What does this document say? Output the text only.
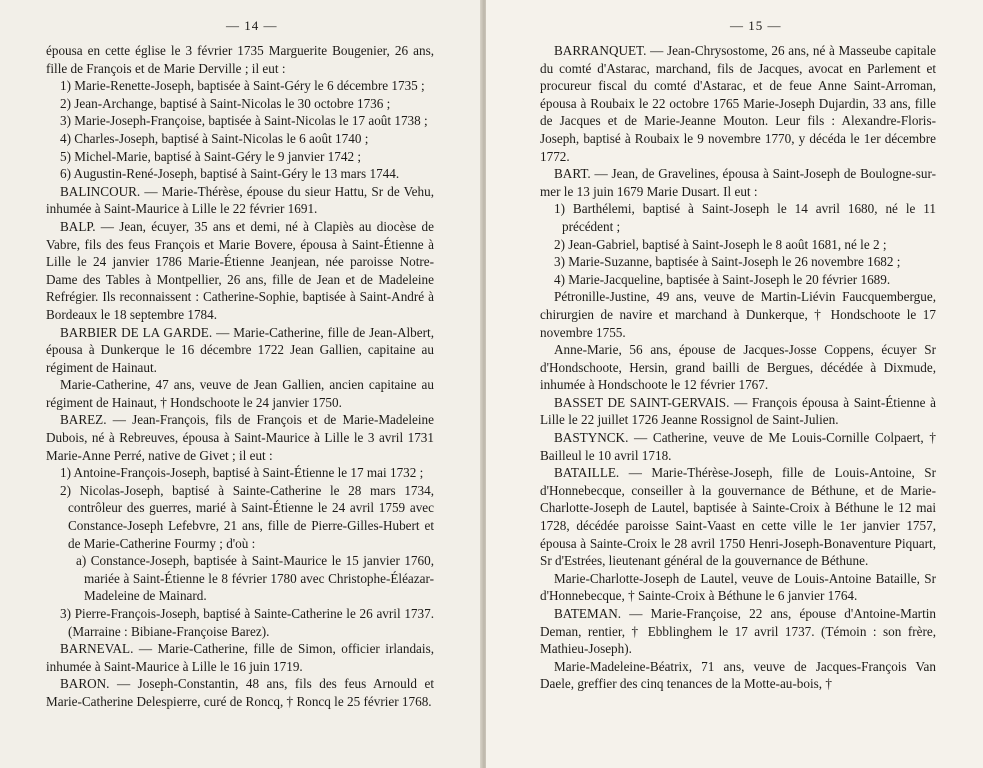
— 14 —

épousa en cette église le 3 février 1735 Marguerite Bougenier, 26 ans, fille de François et de Marie Derville ; il eut :

1) Marie-Renette-Joseph, baptisée à Saint-Géry le 6 décembre 1735 ;

2) Jean-Archange, baptisé à Saint-Nicolas le 30 octobre 1736 ;

3) Marie-Joseph-Françoise, baptisée à Saint-Nicolas le 17 août 1738 ;

4) Charles-Joseph, baptisé à Saint-Nicolas le 6 août 1740 ;

5) Michel-Marie, baptisé à Saint-Géry le 9 janvier 1742 ;

6) Augustin-René-Joseph, baptisé à Saint-Géry le 13 mars 1744.

BALINCOUR. — Marie-Thérèse, épouse du sieur Hattu, Sr de Vehu, inhumée à Saint-Maurice à Lille le 22 février 1691.

BALP. — Jean, écuyer, 35 ans et demi, né à Clapiès au diocèse de Vabre, fils des feus François et Marie Bovere, épousa à Saint-Étienne à Lille le 24 janvier 1786 Marie-Étienne Jeanjean, née paroisse Notre-Dame des Tables à Montpellier, 26 ans, fille de Jean et de Madeleine Refrégier. Ils reconnaissent : Catherine-Sophie, baptisée à Saint-André à Bordeaux le 18 septembre 1784.

BARBIER DE LA GARDE. — Marie-Catherine, fille de Jean-Albert, épousa à Dunkerque le 16 décembre 1722 Jean Gallien, capitaine au régiment de Hainaut.

Marie-Catherine, 47 ans, veuve de Jean Gallien, ancien capitaine au régiment de Hainaut, † Hondschoote le 24 janvier 1750.

BAREZ. — Jean-François, fils de François et de Marie-Madeleine Dubois, né à Rebreuves, épousa à Saint-Maurice à Lille le 3 avril 1731 Marie-Anne Perré, native de Givet ; il eut :

1) Antoine-François-Joseph, baptisé à Saint-Étienne le 17 mai 1732 ;

2) Nicolas-Joseph, baptisé à Sainte-Catherine le 28 mars 1734, contrôleur des guerres, marié à Saint-Étienne le 24 avril 1759 avec Constance-Joseph Lefebvre, 21 ans, fille de Pierre-Gilles-Hubert et de Marie-Catherine Fourmy ; d'où :

a) Constance-Joseph, baptisée à Saint-Maurice le 15 janvier 1760, mariée à Saint-Étienne le 8 février 1780 avec Christophe-Éléazar-Madeleine de Mainard.

3) Pierre-François-Joseph, baptisé à Sainte-Catherine le 26 avril 1737. (Marraine : Bibiane-Françoise Barez).

BARNEVAL. — Marie-Catherine, fille de Simon, officier irlandais, inhumée à Saint-Maurice à Lille le 16 juin 1719.

BARON. — Joseph-Constantin, 48 ans, fils des feus Arnould et Marie-Catherine Delespierre, curé de Roncq, † Roncq le 25 février 1768.

— 15 —

BARRANQUET. — Jean-Chrysostome, 26 ans, né à Masseube capitale du comté d'Astarac, marchand, fils de Jacques, avocat en Parlement et procureur fiscal du comté d'Astarac, et de feue Anne Saint-Arroman, épousa à Roubaix le 22 octobre 1765 Marie-Joseph Dujardin, 33 ans, fille de Jacques et de Marie-Jeanne Mouton. Leur fils : Alexandre-Floris-Joseph, baptisé à Roubaix le 9 novembre 1770, y décéda le 1er décembre 1772.

BART. — Jean, de Gravelines, épousa à Saint-Joseph de Boulogne-sur-mer le 13 juin 1679 Marie Dusart. Il eut :

1) Barthélemi, baptisé à Saint-Joseph le 14 avril 1680, né le 11 précédent ;

2) Jean-Gabriel, baptisé à Saint-Joseph le 8 août 1681, né le 2 ;

3) Marie-Suzanne, baptisée à Saint-Joseph le 26 novembre 1682 ;

4) Marie-Jacqueline, baptisée à Saint-Joseph le 20 février 1689.

Pétronille-Justine, 49 ans, veuve de Martin-Liévin Faucquembergue, chirurgien de navire et marchand à Dunkerque, † Hondschoote le 17 novembre 1755.

Anne-Marie, 56 ans, épouse de Jacques-Josse Coppens, écuyer Sr d'Hondschoote, Hersin, grand bailli de Bergues, décédée à Dixmude, inhumée à Hondschoote le 12 février 1767.

BASSET DE SAINT-GERVAIS. — François épousa à Saint-Étienne à Lille le 22 juillet 1726 Jeanne Rossignol de Saint-Julien.

BASTYNCK. — Catherine, veuve de Me Louis-Cornille Colpaert, † Bailleul le 10 avril 1718.

BATAILLE. — Marie-Thérèse-Joseph, fille de Louis-Antoine, Sr d'Honnebecque, conseiller à la gouvernance de Béthune, et de Marie-Charlotte-Joseph de Lautel, baptisée à Sainte-Croix à Béthune le 12 mai 1728, décédée paroisse Saint-Vaast en cette ville le 1er janvier 1757, épousa à Sainte-Croix le 28 avril 1750 Henri-Joseph-Bonaventure Piquart, Sr d'Estrées, lieutenant général de la gouvernance de Béthune.

Marie-Charlotte-Joseph de Lautel, veuve de Louis-Antoine Bataille, Sr d'Honnebecque, † Sainte-Croix à Béthune le 6 janvier 1764.

BATEMAN. — Marie-Françoise, 22 ans, épouse d'Antoine-Martin Deman, rentier, † Ebblinghem le 17 avril 1737. (Témoin : son frère, Mathieu-Joseph).

Marie-Madeleine-Béatrix, 71 ans, veuve de Jacques-François Van Daele, greffier des cinq tenances de la Motte-au-bois, †
